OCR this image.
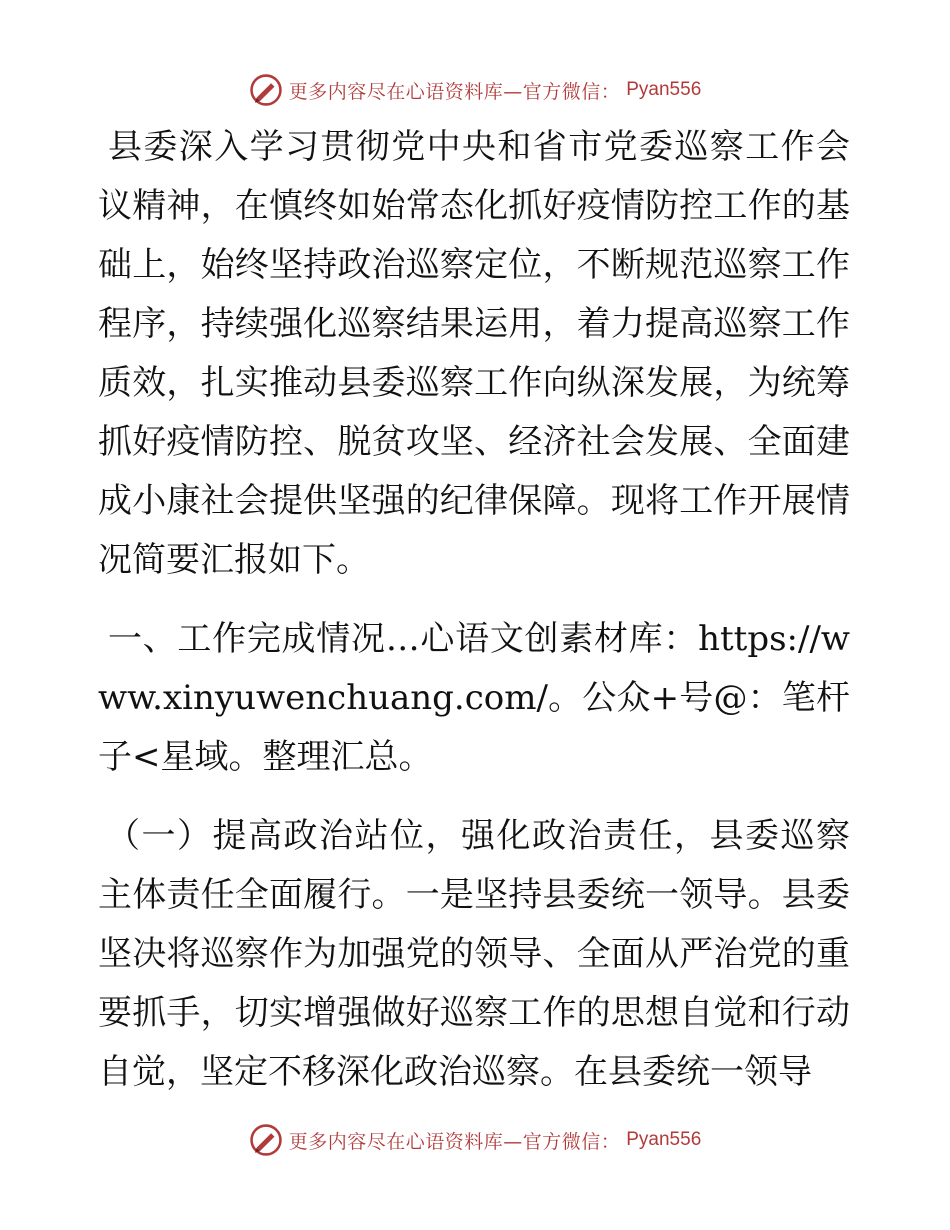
更多内容尽在心语资料库—官方微信： Pyan556

县委深入学习贯彻党中央和省市党委巡察工作会议精神，在慎终如始常态化抓好疫情防控工作的基础上，始终坚持政治巡察定位，不断规范巡察工作程序，持续强化巡察结果运用，着力提高巡察工作质效，扎实推动县委巡察工作向纵深发展，为统筹抓好疫情防控、脱贫攻坚、经济社会发展、全面建成小康社会提供坚强的纪律保障。现将工作开展情况简要汇报如下。

一、工作完成情况…心语文创素材库：https://www.xinyuwenchuang.com/。公众+号@：笔杆子<星域。整理汇总。

（一）提高政治站位，强化政治责任，县委巡察主体责任全面履行。一是坚持县委统一领导。县委坚决将巡察作为加强党的领导、全面从严治党的重要抓手，切实增强做好巡察工作的思想自觉和行动自觉，坚定不移深化政治巡察。在县委统一领导

更多内容尽在心语资料库—官方微信： Pyan556
